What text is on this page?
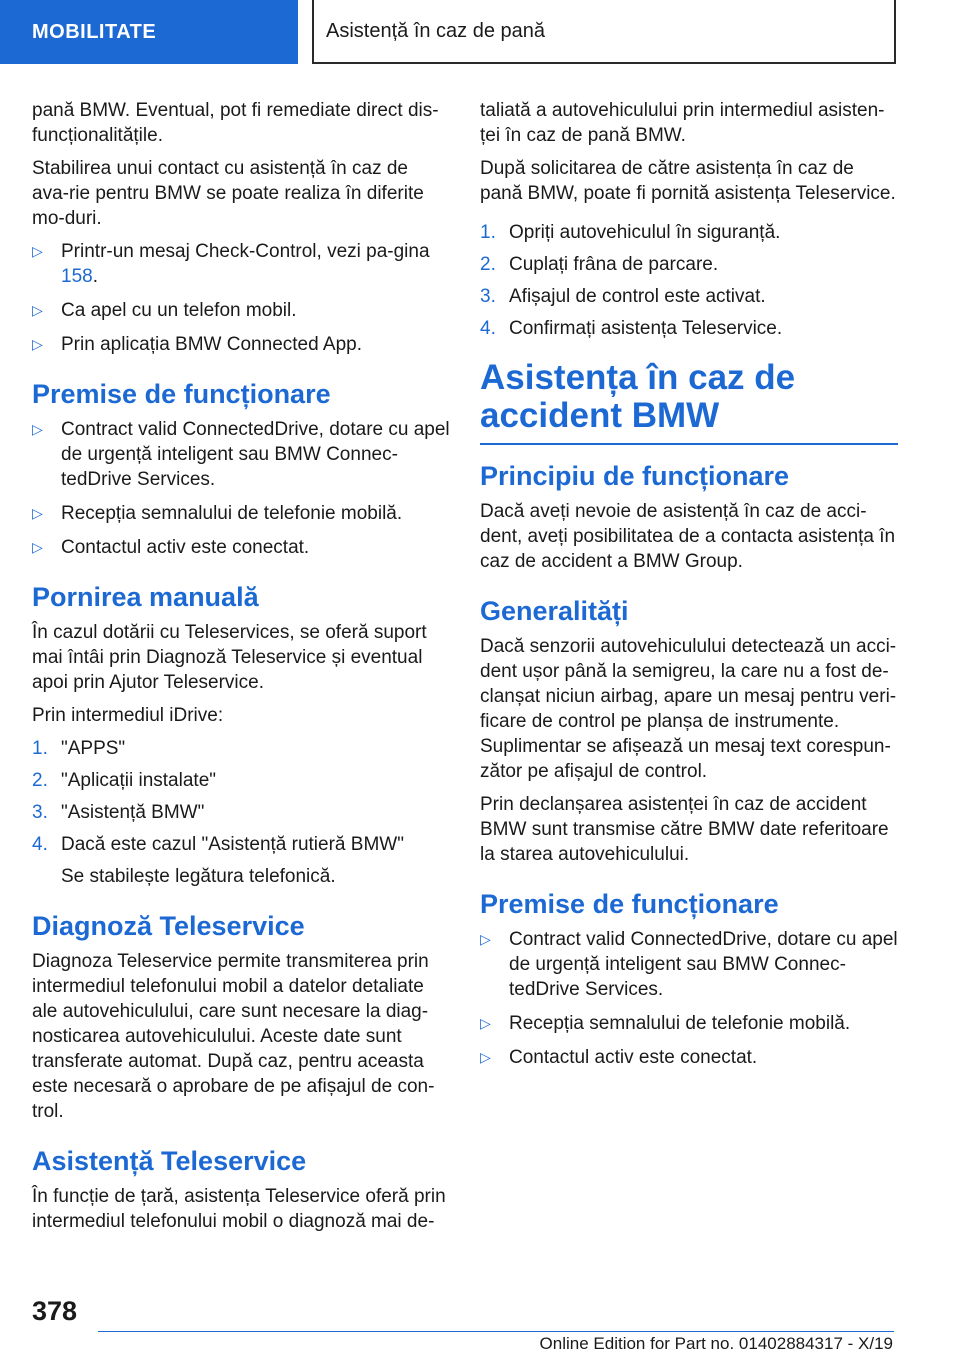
MOBILITATE	Asistență în caz de pană

pană BMW. Eventual, pot fi remediate direct dis-funcționalitățile.

Stabilirea unui contact cu asistență în caz de ava-rie pentru BMW se poate realiza în diferite mo-duri.

▷ Printr-un mesaj Check-Control, vezi pa-gina 158.
▷ Ca apel cu un telefon mobil.
▷ Prin aplicația BMW Connected App.
Premise de funcționare
▷ Contract valid ConnectedDrive, dotare cu apel de urgență inteligent sau BMW Connec-tedDrive Services.
▷ Recepția semnalului de telefonie mobilă.
▷ Contactul activ este conectat.
Pornirea manuală

În cazul dotării cu Teleservices, se oferă suport mai întâi prin Diagnoză Teleservice și eventual apoi prin Ajutor Teleservice.

Prin intermediul iDrive:

1. "APPS"
2. "Aplicații instalate"
3. "Asistență BMW"
4. Dacă este cazul "Asistență rutieră BMW"
Se stabilește legătura telefonică.
Diagnoză Teleservice

Diagnoza Teleservice permite transmiterea prin intermediul telefonului mobil a datelor detaliate ale autovehiculului, care sunt necesare la diag-nosticarea autovehiculului. Aceste date sunt transferate automat. După caz, pentru aceasta este necesară o aprobare de pe afișajul de con-trol.

Asistență Teleservice

În funcție de țară, asistența Teleservice oferă prin intermediul telefonului mobil o diagnoză mai de-

taliată a autovehiculului prin intermediul asisten-ței în caz de pană BMW.

După solicitarea de către asistența în caz de pană BMW, poate fi pornită asistența Teleservice.

1. Opriți autovehiculul în siguranță.
2. Cuplați frâna de parcare.
3. Afișajul de control este activat.
4. Confirmați asistența Teleservice.
Asistența în caz de accident BMW
Principiu de funcționare

Dacă aveți nevoie de asistență în caz de acci-dent, aveți posibilitatea de a contacta asistența în caz de accident a BMW Group.

Generalități

Dacă senzorii autovehiculului detectează un acci-dent ușor până la semigreu, la care nu a fost de-clanșat niciun airbag, apare un mesaj pentru veri-ficare de control pe planșa de instrumente. Suplimentar se afișează un mesaj text corespun-zător pe afișajul de control.

Prin declanșarea asistenței în caz de accident BMW sunt transmise către BMW date referitoare la starea autovehiculului.

Premise de funcționare
▷ Contract valid ConnectedDrive, dotare cu apel de urgență inteligent sau BMW Connec-tedDrive Services.
▷ Recepția semnalului de telefonie mobilă.
▷ Contactul activ este conectat.
378
Online Edition for Part no. 01402884317 - X/19
